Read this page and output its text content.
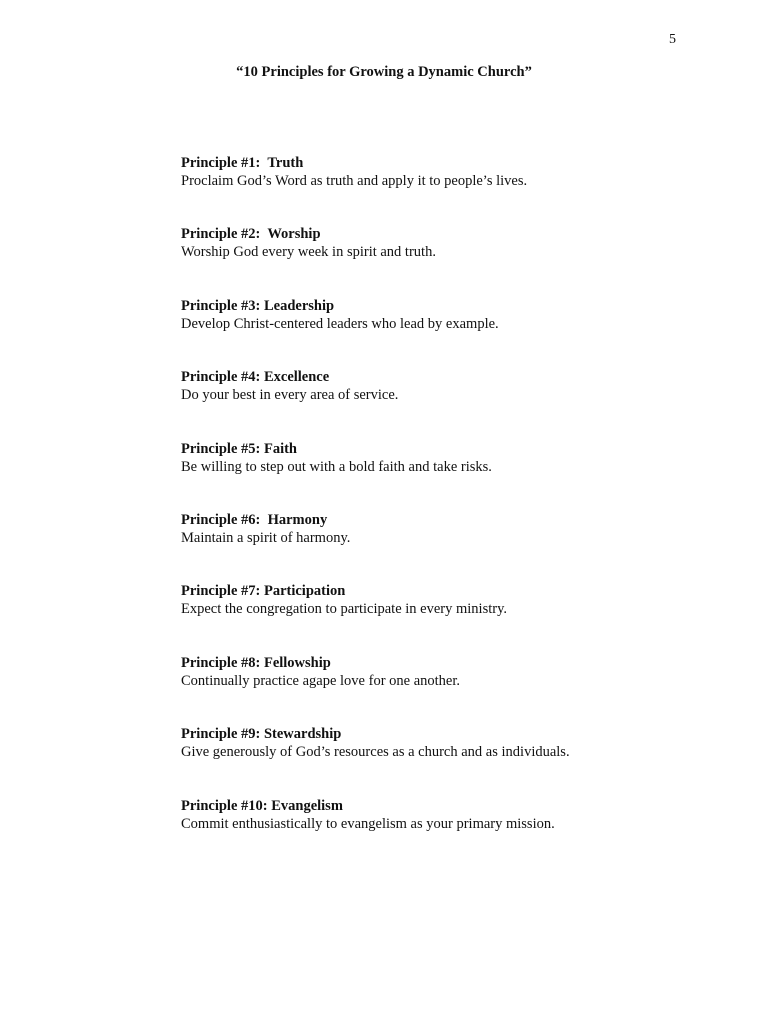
5
“10 Principles for Growing a Dynamic Church”
Principle #1:  Truth
Proclaim God’s Word as truth and apply it to people’s lives.
Principle #2:  Worship
Worship God every week in spirit and truth.
Principle #3: Leadership
Develop Christ-centered leaders who lead by example.
Principle #4: Excellence
Do your best in every area of service.
Principle #5: Faith
Be willing to step out with a bold faith and take risks.
Principle #6:  Harmony
Maintain a spirit of harmony.
Principle #7: Participation
Expect the congregation to participate in every ministry.
Principle #8: Fellowship
Continually practice agape love for one another.
Principle #9: Stewardship
Give generously of God’s resources as a church and as individuals.
Principle #10: Evangelism
Commit enthusiastically to evangelism as your primary mission.
